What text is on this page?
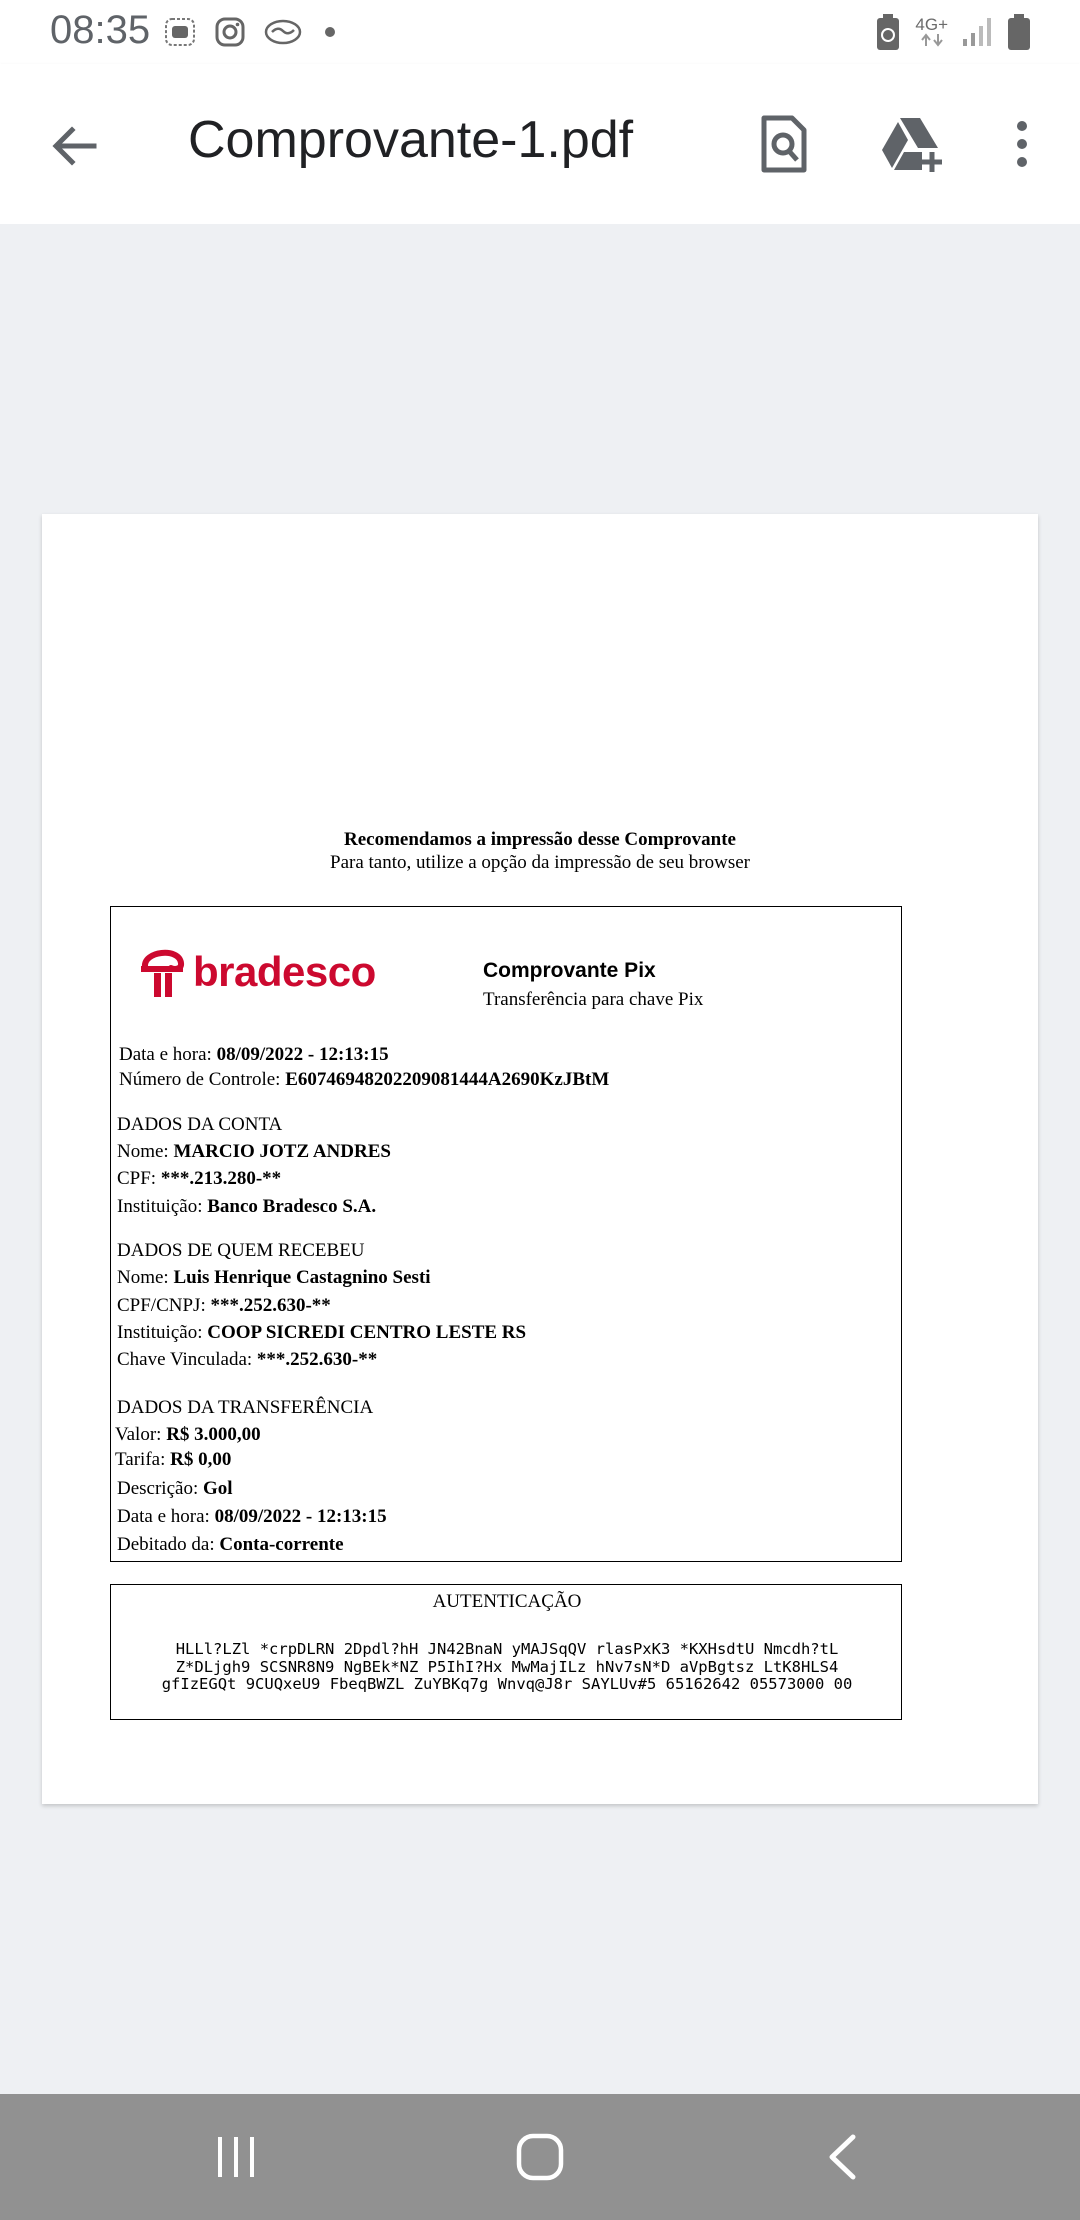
08:35	4G+
Comprovante-1.pdf
Recomendamos a impressão desse Comprovante
Para tanto, utilize a opção da impressão de seu browser
bradesco	Comprovante Pix
Transferência para chave Pix
Data e hora: 08/09/2022 - 12:13:15
Número de Controle: E60746948202209081444A2690KzJBtM
DADOS DA CONTA
Nome: MARCIO JOTZ ANDRES
CPF: ***.213.280-**
Instituição: Banco Bradesco S.A.
DADOS DE QUEM RECEBEU
Nome: Luis Henrique Castagnino Sesti
CPF/CNPJ: ***.252.630-**
Instituição: COOP SICREDI CENTRO LESTE RS
Chave Vinculada: ***.252.630-**
DADOS DA TRANSFERÊNCIA
Valor: R$ 3.000,00
Tarifa: R$ 0,00
Descrição: Gol
Data e hora: 08/09/2022 - 12:13:15
Debitado da: Conta-corrente
AUTENTICAÇÃO
HLLl?LZl *crpDLRN 2Dpdl?hH JN42BnaN yMAJSqQV rlasPxK3 *KXHsdtU Nmcdh?tL
Z*DLjgh9 SCSNR8N9 NgBEk*NZ P5IhI?Hx MwMajILz hNv7sN*D aVpBgtsz LtK8HLS4
gfIzEGQt 9CUQxeU9 FbeqBWZL ZuYBKq7g Wnvq@J8r SAYLUv#5 65162642 05573000 00
